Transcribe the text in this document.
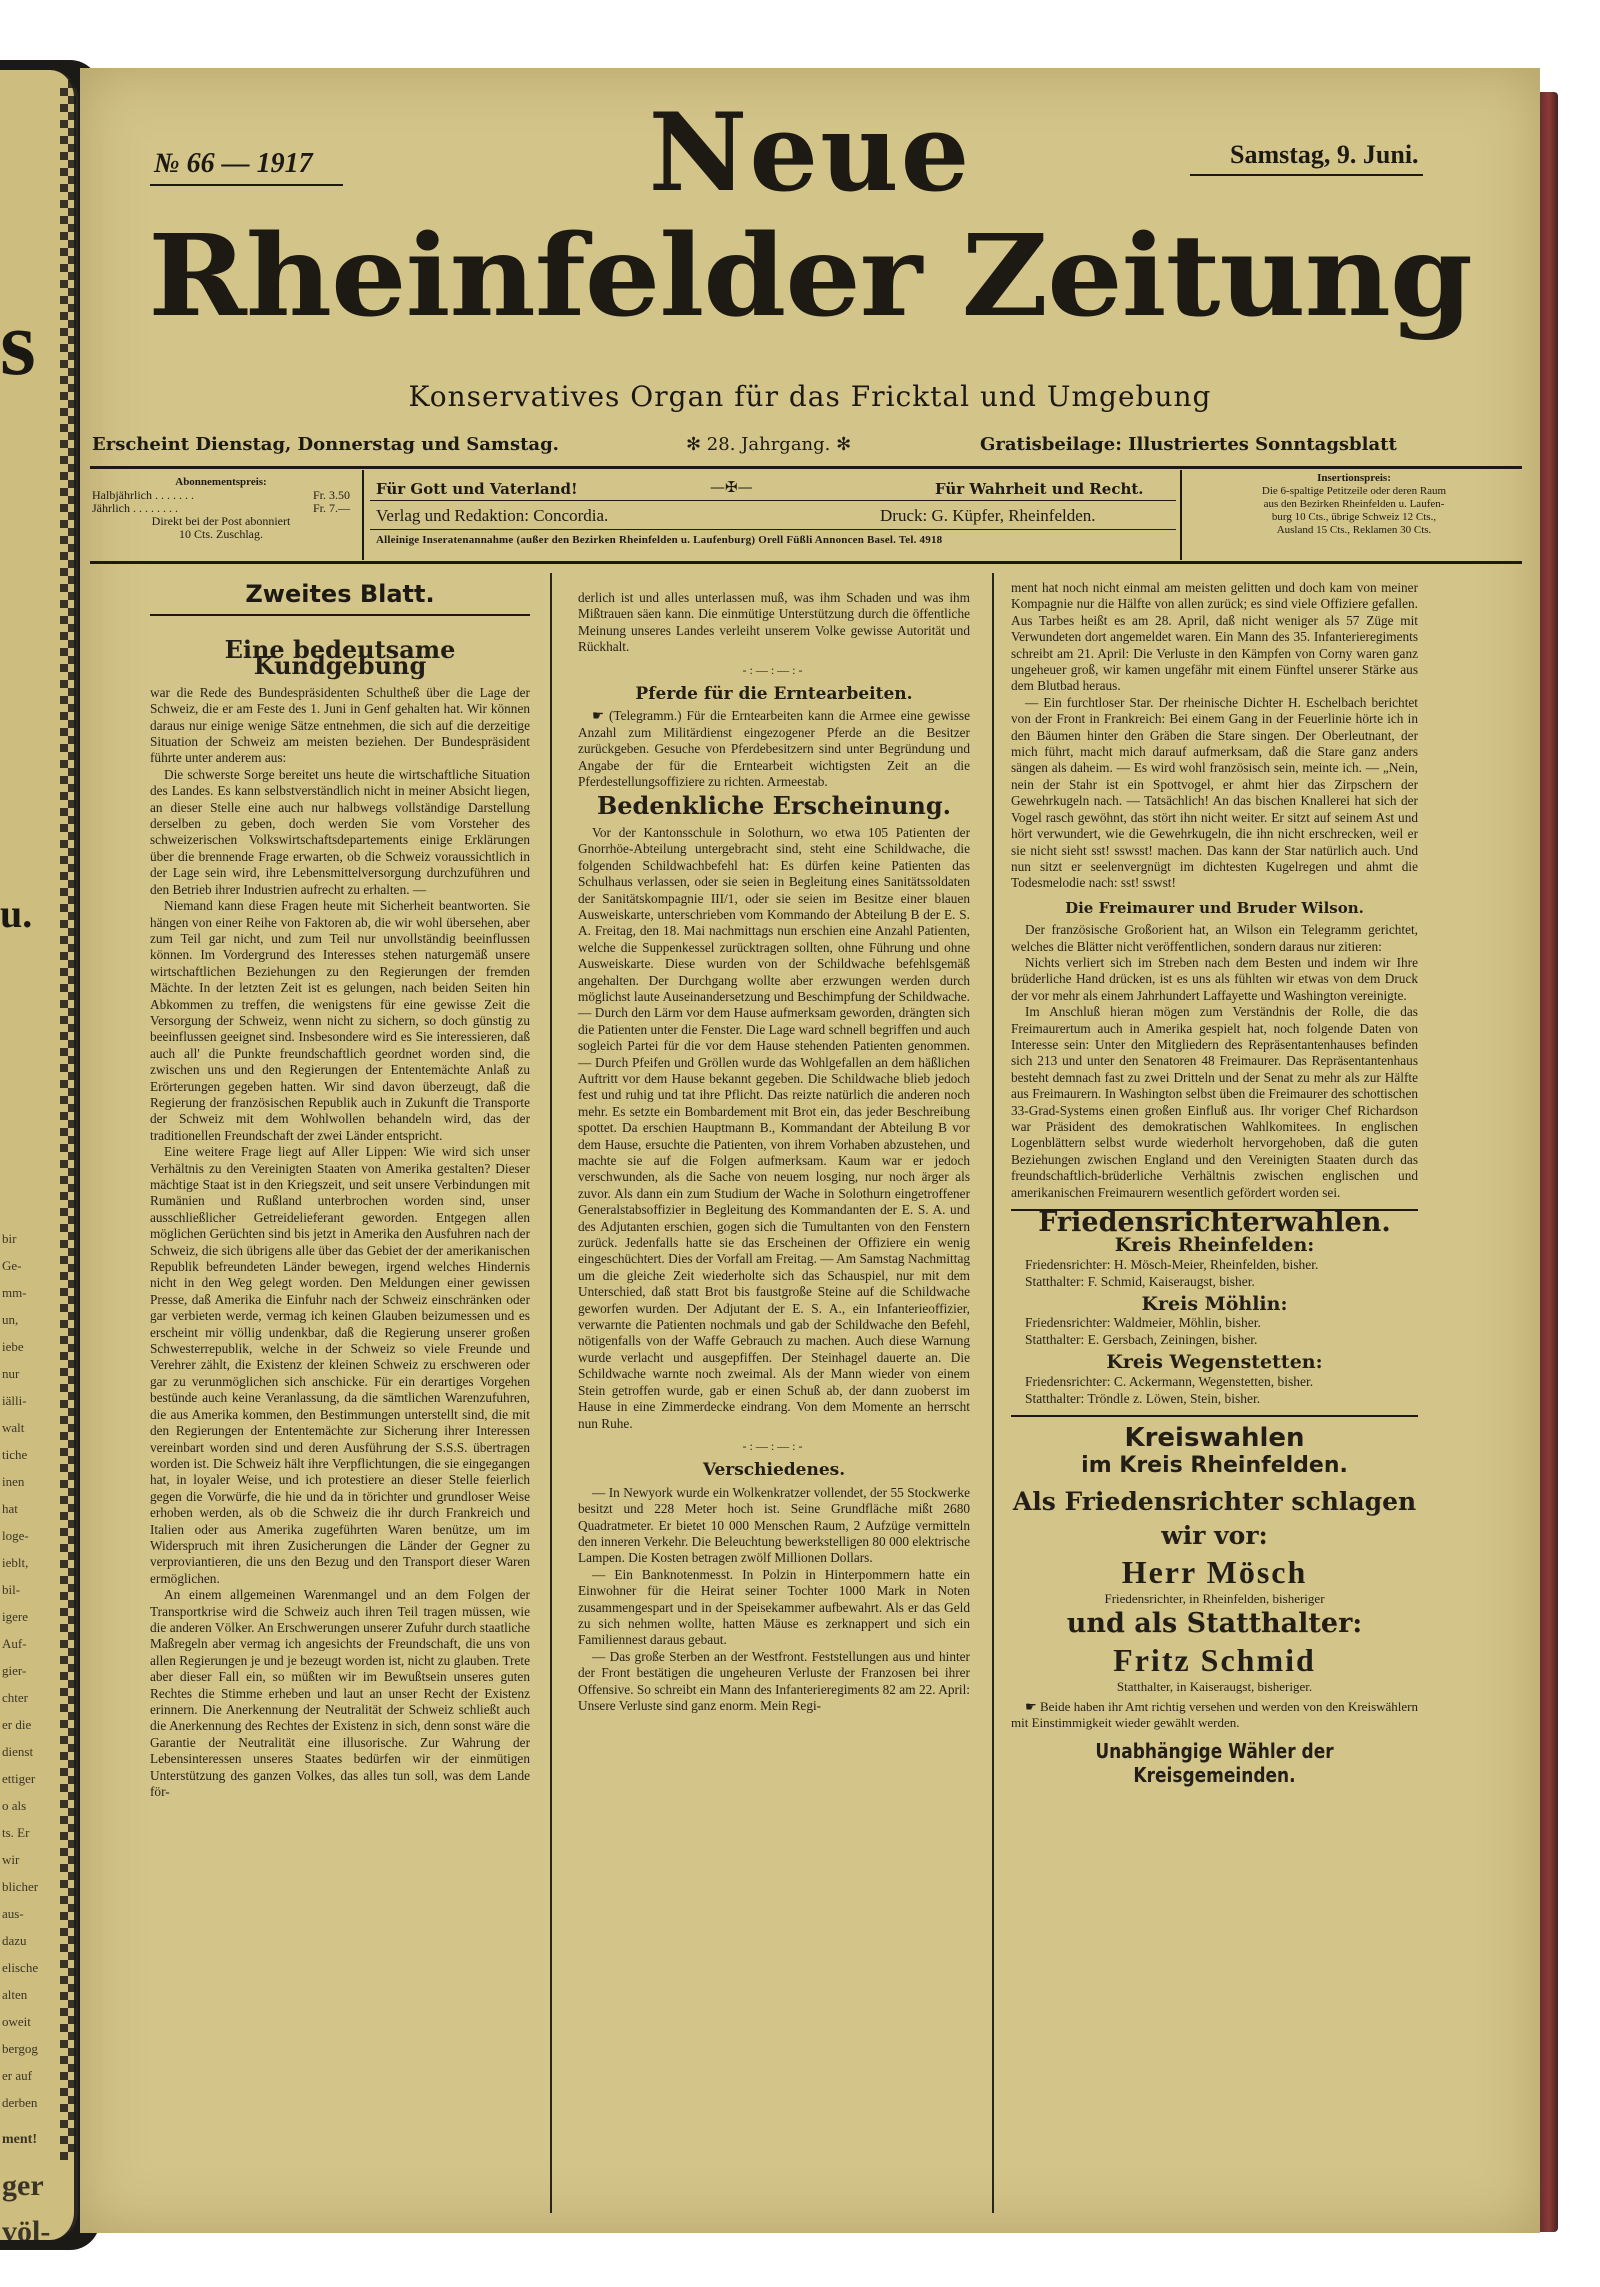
s
u.
bir
Ge-
mm-
un,
iebe
nur
iälli-
walt
tiche
inen
hat
loge-
ieblt,
bil-
igere
Auf-
gier-
chter
er die
dienst
ettiger
o als
ts. Er
wir
blicher
aus-
dazu
elische
alten
oweit
bergog
er auf
derben
ment!
ger
völ-
№ 66 — 1917	Samstag, 9. Juni.
Neue
Rheinfelder Zeitung
Konservatives Organ für das Fricktal und Umgebung
Erscheint Dienstag, Donnerstag und Samstag.	✻ 28. Jahrgang. ✻	Gratisbeilage: Illustriertes Sonntagsblatt
Abonnementspreis:
Halbjährlich . . . . . . .	Fr. 3.50
Jährlich . . . . . . . .	Fr. 7.—
Direkt bei der Post abonniert
10 Cts. Zuschlag.
Für Gott und Vaterland!	—✠—	Für Wahrheit und Recht.
Verlag und Redaktion: Concordia.	Druck: G. Küpfer, Rheinfelden.
Alleinige Inseratenannahme (außer den Bezirken Rheinfelden u. Laufenburg) Orell Füßli Annoncen Basel. Tel. 4918
Insertionspreis:
Die 6-spaltige Petitzeile oder deren Raum
aus den Bezirken Rheinfelden u. Laufen-
burg 10 Cts., übrige Schweiz 12 Cts.,
Ausland 15 Cts., Reklamen 30 Cts.
Zweites Blatt.
Eine bedeutsame Kundgebung

war die Rede des Bundespräsidenten Schultheß über die Lage der Schweiz, die er am Feste des 1. Juni in Genf gehalten hat. Wir können daraus nur einige wenige Sätze entnehmen, die sich auf die derzeitige Situation der Schweiz am meisten beziehen. Der Bundespräsident führte unter anderem aus:

Die schwerste Sorge bereitet uns heute die wirtschaftliche Situation des Landes. Es kann selbstverständlich nicht in meiner Absicht liegen, an dieser Stelle eine auch nur halbwegs vollständige Darstellung derselben zu geben, doch werden Sie vom Vorsteher des schweizerischen Volkswirtschaftsdepartements einige Erklärungen über die brennende Frage erwarten, ob die Schweiz voraussichtlich in der Lage sein wird, ihre Lebensmittelversorgung durchzuführen und den Betrieb ihrer Industrien aufrecht zu erhalten. —

Niemand kann diese Fragen heute mit Sicherheit beantworten. Sie hängen von einer Reihe von Faktoren ab, die wir wohl übersehen, aber zum Teil gar nicht, und zum Teil nur unvollständig beeinflussen können. Im Vordergrund des Interesses stehen naturgemäß unsere wirtschaftlichen Beziehungen zu den Regierungen der fremden Mächte. In der letzten Zeit ist es gelungen, nach beiden Seiten hin Abkommen zu treffen, die wenigstens für eine gewisse Zeit die Versorgung der Schweiz, wenn nicht zu sichern, so doch günstig zu beeinflussen geeignet sind. Insbesondere wird es Sie interessieren, daß auch all' die Punkte freundschaftlich geordnet worden sind, die zwischen uns und den Regierungen der Ententemächte Anlaß zu Erörterungen gegeben hatten. Wir sind davon überzeugt, daß die Regierung der französischen Republik auch in Zukunft die Transporte der Schweiz mit dem Wohlwollen behandeln wird, das der traditionellen Freundschaft der zwei Länder entspricht.

Eine weitere Frage liegt auf Aller Lippen: Wie wird sich unser Verhältnis zu den Vereinigten Staaten von Amerika gestalten? Dieser mächtige Staat ist in den Kriegszeit, und seit unsere Verbindungen mit Rumänien und Rußland unterbrochen worden sind, unser ausschließlicher Getreidelieferant geworden. Entgegen allen möglichen Gerüchten sind bis jetzt in Amerika den Ausfuhren nach der Schweiz, die sich übrigens alle über das Gebiet der der amerikanischen Republik befreundeten Länder bewegen, irgend welches Hindernis nicht in den Weg gelegt worden. Den Meldungen einer gewissen Presse, daß Amerika die Einfuhr nach der Schweiz einschränken oder gar verbieten werde, vermag ich keinen Glauben beizumessen und es erscheint mir völlig undenkbar, daß die Regierung unserer großen Schwesterrepublik, welche in der Schweiz so viele Freunde und Verehrer zählt, die Existenz der kleinen Schweiz zu erschweren oder gar zu verunmöglichen sich anschicke. Für ein derartiges Vorgehen bestünde auch keine Veranlassung, da die sämtlichen Warenzufuhren, die aus Amerika kommen, den Bestimmungen unterstellt sind, die mit den Regierungen der Ententemächte zur Sicherung ihrer Interessen vereinbart worden sind und deren Ausführung der S.S.S. übertragen worden ist. Die Schweiz hält ihre Verpflichtungen, die sie eingegangen hat, in loyaler Weise, und ich protestiere an dieser Stelle feierlich gegen die Vorwürfe, die hie und da in törichter und grundloser Weise erhoben werden, als ob die Schweiz die ihr durch Frankreich und Italien oder aus Amerika zugeführten Waren benütze, um im Widerspruch mit ihren Zusicherungen die Länder der Gegner zu verproviantieren, die uns den Bezug und den Transport dieser Waren ermöglichen.

An einem allgemeinen Warenmangel und an dem Folgen der Transportkrise wird die Schweiz auch ihren Teil tragen müssen, wie die anderen Völker. An Erschwerungen unserer Zufuhr durch staatliche Maßregeln aber vermag ich angesichts der Freundschaft, die uns von allen Regierungen je und je bezeugt worden ist, nicht zu glauben. Trete aber dieser Fall ein, so müßten wir im Bewußtsein unseres guten Rechtes die Stimme erheben und laut an unser Recht der Existenz erinnern. Die Anerkennung der Neutralität der Schweiz schließt auch die Anerkennung des Rechtes der Existenz in sich, denn sonst wäre die Garantie der Neutralität eine illusorische. Zur Wahrung der Lebensinteressen unseres Staates bedürfen wir der einmütigen Unterstützung des ganzen Volkes, das alles tun soll, was dem Lande för-

derlich ist und alles unterlassen muß, was ihm Schaden und was ihm Mißtrauen säen kann. Die einmütige Unterstützung durch die öffentliche Meinung unseres Landes verleiht unserem Volke gewisse Autorität und Rückhalt.

-:—:—:-
Pferde für die Erntearbeiten.

☛ (Telegramm.) Für die Erntearbeiten kann die Armee eine gewisse Anzahl zum Militärdienst eingezogener Pferde an die Besitzer zurückgeben. Gesuche von Pferdebesitzern sind unter Begründung und Angabe der für die Erntearbeit wichtigsten Zeit an die Pferdestellungsoffiziere zu richten. Armeestab.

Bedenkliche Erscheinung.

Vor der Kantonsschule in Solothurn, wo etwa 105 Patienten der Gnorrhöe-Abteilung untergebracht sind, steht eine Schildwache, die folgenden Schildwachbefehl hat: Es dürfen keine Patienten das Schulhaus verlassen, oder sie seien in Begleitung eines Sanitätssoldaten der Sanitätskompagnie III/1, oder sie seien im Besitze einer blauen Ausweiskarte, unterschrieben vom Kommando der Abteilung B der E. S. A. Freitag, den 18. Mai nachmittags nun erschien eine Anzahl Patienten, welche die Suppenkessel zurücktragen sollten, ohne Führung und ohne Ausweiskarte. Diese wurden von der Schildwache befehlsgemäß angehalten. Der Durchgang wollte aber erzwungen werden durch möglichst laute Auseinandersetzung und Beschimpfung der Schildwache. — Durch den Lärm vor dem Hause aufmerksam geworden, drängten sich die Patienten unter die Fenster. Die Lage ward schnell begriffen und auch sogleich Partei für die vor dem Hause stehenden Patienten genommen. — Durch Pfeifen und Gröllen wurde das Wohlgefallen an dem häßlichen Auftritt vor dem Hause bekannt gegeben. Die Schildwache blieb jedoch fest und ruhig und tat ihre Pflicht. Das reizte natürlich die anderen noch mehr. Es setzte ein Bombardement mit Brot ein, das jeder Beschreibung spottet. Da erschien Hauptmann B., Kommandant der Abteilung B vor dem Hause, ersuchte die Patienten, von ihrem Vorhaben abzustehen, und machte sie auf die Folgen aufmerksam. Kaum war er jedoch verschwunden, als die Sache von neuem losging, nur noch ärger als zuvor. Als dann ein zum Studium der Wache in Solothurn eingetroffener Generalstabsoffizier in Begleitung des Kommandanten der E. S. A. und des Adjutanten erschien, gogen sich die Tumultanten von den Fenstern zurück. Jedenfalls hatte sie das Erscheinen der Offiziere ein wenig eingeschüchtert. Dies der Vorfall am Freitag. — Am Samstag Nachmittag um die gleiche Zeit wiederholte sich das Schauspiel, nur mit dem Unterschied, daß statt Brot bis faustgroße Steine auf die Schildwache geworfen wurden. Der Adjutant der E. S. A., ein Infanterieoffizier, verwarnte die Patienten nochmals und gab der Schildwache den Befehl, nötigenfalls von der Waffe Gebrauch zu machen. Auch diese Warnung wurde verlacht und ausgepfiffen. Der Steinhagel dauerte an. Die Schildwache warnte noch zweimal. Als der Mann wieder von einem Stein getroffen wurde, gab er einen Schuß ab, der dann zuoberst im Hause in eine Zimmerdecke eindrang. Von dem Momente an herrscht nun Ruhe.

-:—:—:-
Verschiedenes.

— In Newyork wurde ein Wolkenkratzer vollendet, der 55 Stockwerke besitzt und 228 Meter hoch ist. Seine Grundfläche mißt 2680 Quadratmeter. Er bietet 10 000 Menschen Raum, 2 Aufzüge vermitteln den inneren Verkehr. Die Beleuchtung bewerkstelligen 80 000 elektrische Lampen. Die Kosten betragen zwölf Millionen Dollars.

— Ein Banknotenmesst. In Polzin in Hinterpommern hatte ein Einwohner für die Heirat seiner Tochter 1000 Mark in Noten zusammengespart und in der Speisekammer aufbewahrt. Als er das Geld zu sich nehmen wollte, hatten Mäuse es zerknappert und sich ein Familiennest daraus gebaut.

— Das große Sterben an der Westfront. Feststellungen aus und hinter der Front bestätigen die ungeheuren Verluste der Franzosen bei ihrer Offensive. So schreibt ein Mann des Infanterieregiments 82 am 22. April: Unsere Verluste sind ganz enorm. Mein Regi-

ment hat noch nicht einmal am meisten gelitten und doch kam von meiner Kompagnie nur die Hälfte von allen zurück; es sind viele Offiziere gefallen. Aus Tarbes heißt es am 28. April, daß nicht weniger als 57 Züge mit Verwundeten dort angemeldet waren. Ein Mann des 35. Infanterieregiments schreibt am 21. April: Die Verluste in den Kämpfen von Corny waren ganz ungeheuer groß, wir kamen ungefähr mit einem Fünftel unserer Stärke aus dem Blutbad heraus.

— Ein furchtloser Star. Der rheinische Dichter H. Eschelbach berichtet von der Front in Frankreich: Bei einem Gang in der Feuerlinie hörte ich in den Bäumen hinter den Gräben die Stare singen. Der Oberleutnant, der mich führt, macht mich darauf aufmerksam, daß die Stare ganz anders sängen als daheim. — Es wird wohl französisch sein, meinte ich. — „Nein, nein der Stahr ist ein Spottvogel, er ahmt hier das Zirpschern der Gewehrkugeln nach. — Tatsächlich! An das bischen Knallerei hat sich der Vogel rasch gewöhnt, das stört ihn nicht weiter. Er sitzt auf seinem Ast und hört verwundert, wie die Gewehrkugeln, die ihn nicht erschrecken, weil er sie nicht sieht sst! sswsst! machen. Das kann der Star natürlich auch. Und nun sitzt er seelenvergnügt im dichtesten Kugelregen und ahmt die Todesmelodie nach: sst! sswst!

Die Freimaurer und Bruder Wilson.

Der französische Großorient hat, an Wilson ein Telegramm gerichtet, welches die Blätter nicht veröffentlichen, sondern daraus nur zitieren:

Nichts verliert sich im Streben nach dem Besten und indem wir Ihre brüderliche Hand drücken, ist es uns als fühlten wir etwas von dem Druck der vor mehr als einem Jahrhundert Laffayette und Washington vereinigte.

Im Anschluß hieran mögen zum Verständnis der Rolle, die das Freimaurertum auch in Amerika gespielt hat, noch folgende Daten von Interesse sein: Unter den Mitgliedern des Repräsentantenhauses befinden sich 213 und unter den Senatoren 48 Freimaurer. Das Repräsentantenhaus besteht demnach fast zu zwei Dritteln und der Senat zu mehr als zur Hälfte aus Freimaurern. In Washington selbst üben die Freimaurer des schottischen 33-Grad-Systems einen großen Einfluß aus. Ihr voriger Chef Richardson war Präsident des demokratischen Wahlkomitees. In englischen Logenblättern selbst wurde wiederholt hervorgehoben, daß die guten Beziehungen zwischen England und den Vereinigten Staaten durch das freundschaftlich-brüderliche Verhältnis zwischen englischen und amerikanischen Freimaurern wesentlich gefördert worden sei.

Friedensrichterwahlen.
Kreis Rheinfelden:

Friedensrichter: H. Mösch-Meier, Rheinfelden, bisher.

Statthalter: F. Schmid, Kaiseraugst, bisher.

Kreis Möhlin:

Friedensrichter: Waldmeier, Möhlin, bisher.

Statthalter: E. Gersbach, Zeiningen, bisher.

Kreis Wegenstetten:

Friedensrichter: C. Ackermann, Wegenstetten, bisher.

Statthalter: Tröndle z. Löwen, Stein, bisher.

Kreiswahlen
im Kreis Rheinfelden.
Als Friedensrichter schlagen wir vor:
Herr Mösch
Friedensrichter, in Rheinfelden, bisheriger
und als Statthalter:
Fritz Schmid
Statthalter, in Kaiseraugst, bisheriger.

☛ Beide haben ihr Amt richtig versehen und werden von den Kreiswählern mit Einstimmigkeit wieder gewählt werden.

Unabhängige Wähler der Kreisgemeinden.
